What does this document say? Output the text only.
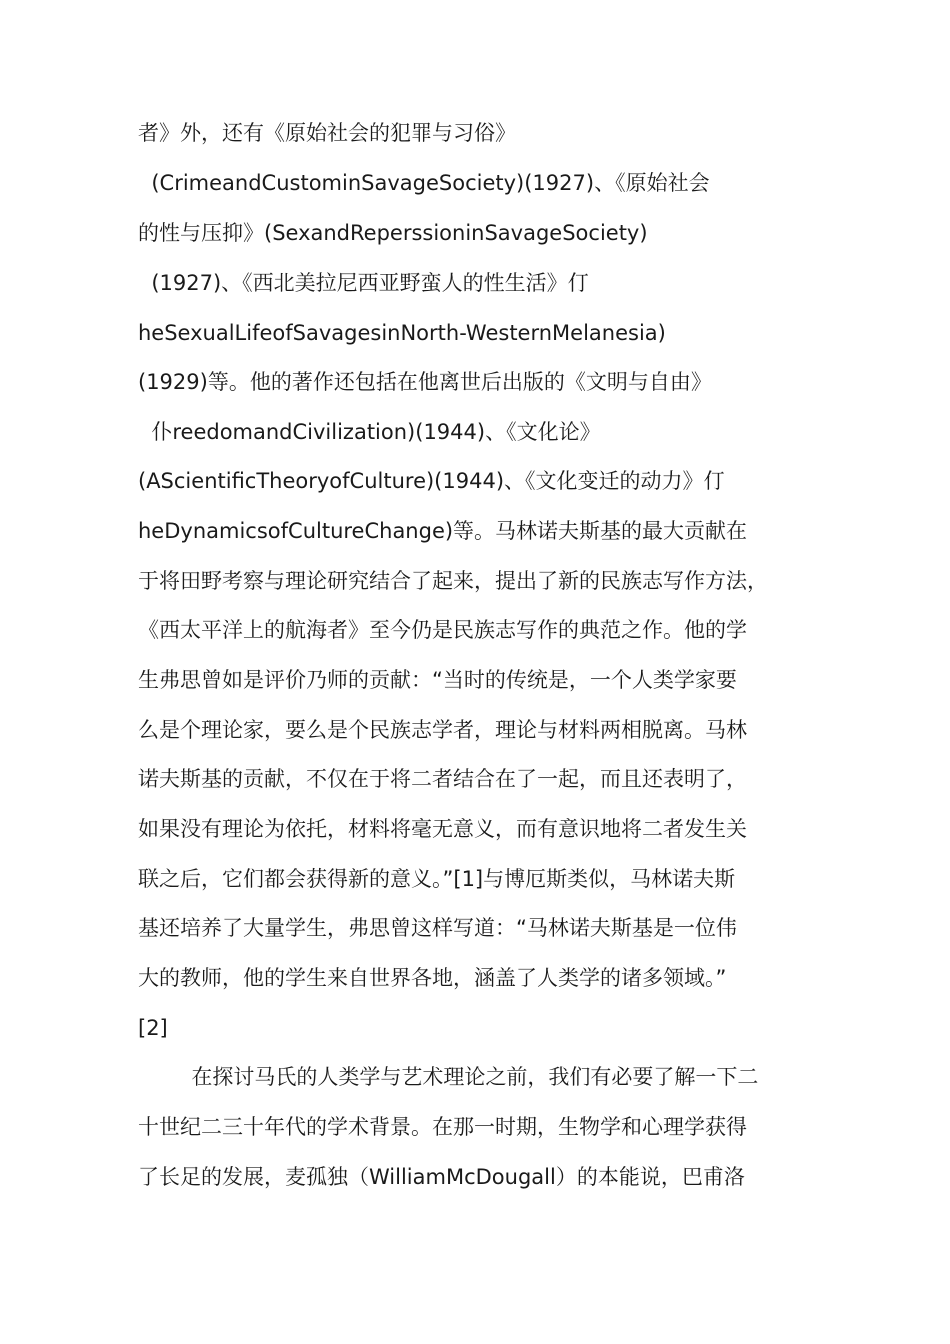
者》外，还有《原始社会的犯罪与习俗》
(CrimeandCustominSavageSociety)(1927)、《原始社会
的性与压抑》(SexandReperssioninSavageSociety)
(1927)、《西北美拉尼西亚野蛮人的性生活》仃
heSexualLifeofSavagesinNorth-WesternMelanesia)
(1929)等。他的著作还包括在他离世后出版的《文明与自由》
仆reedomandCivilization)(1944)、《文化论》
(AScientificTheoryofCulture)(1944)、《文化变迁的动力》仃
heDynamicsofCultureChange)等。马林诺夫斯基的最大贡献在
于将田野考察与理论研究结合了起来，提出了新的民族志写作方法，
《西太平洋上的航海者》至今仍是民族志写作的典范之作。他的学
生弗思曾如是评价乃师的贡献：“当时的传统是，一个人类学家要
么是个理论家，要么是个民族志学者，理论与材料两相脱离。马林
诺夫斯基的贡献，不仅在于将二者结合在了一起，而且还表明了，
如果没有理论为依托，材料将毫无意义，而有意识地将二者发生关
联之后，它们都会获得新的意义。”[1]与博厄斯类似，马林诺夫斯
基还培养了大量学生，弗思曾这样写道：“马林诺夫斯基是一位伟
大的教师，他的学生来自世界各地，涵盖了人类学的诸多领域。”
[2]
在探讨马氏的人类学与艺术理论之前，我们有必要了解一下二
十世纪二三十年代的学术背景。在那一时期，生物学和心理学获得
了长足的发展，麦孤独（WilliamMcDougall）的本能说，巴甫洛
